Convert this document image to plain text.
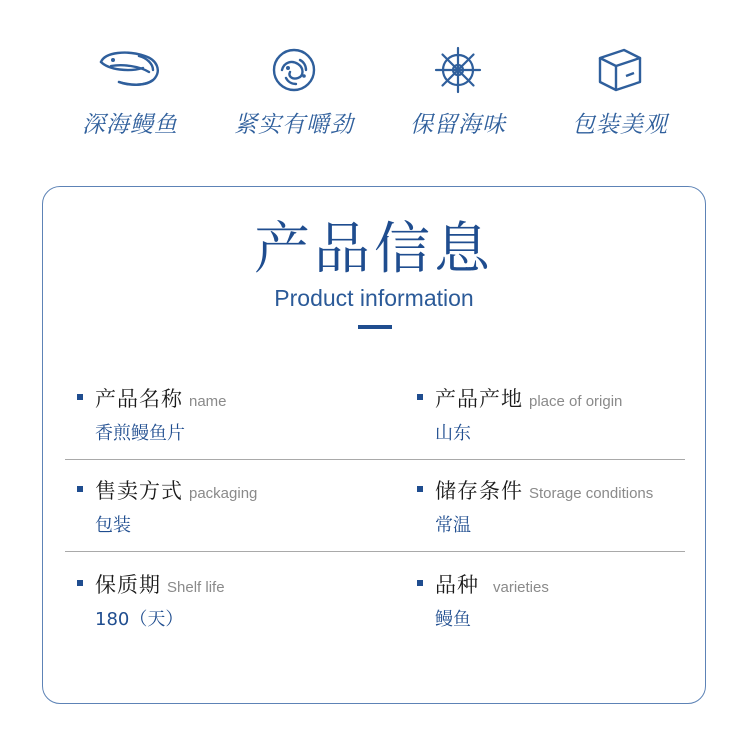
深海鳗鱼	紧实有嚼劲	保留海味	包装美观
产品信息
Product information
产品名称 name
香煎鳗鱼片
产品产地 place of origin
山东
售卖方式 packaging
包装
储存条件 Storage conditions
常温
保质期 Shelf life
180（天）
品种 varieties
鳗鱼
